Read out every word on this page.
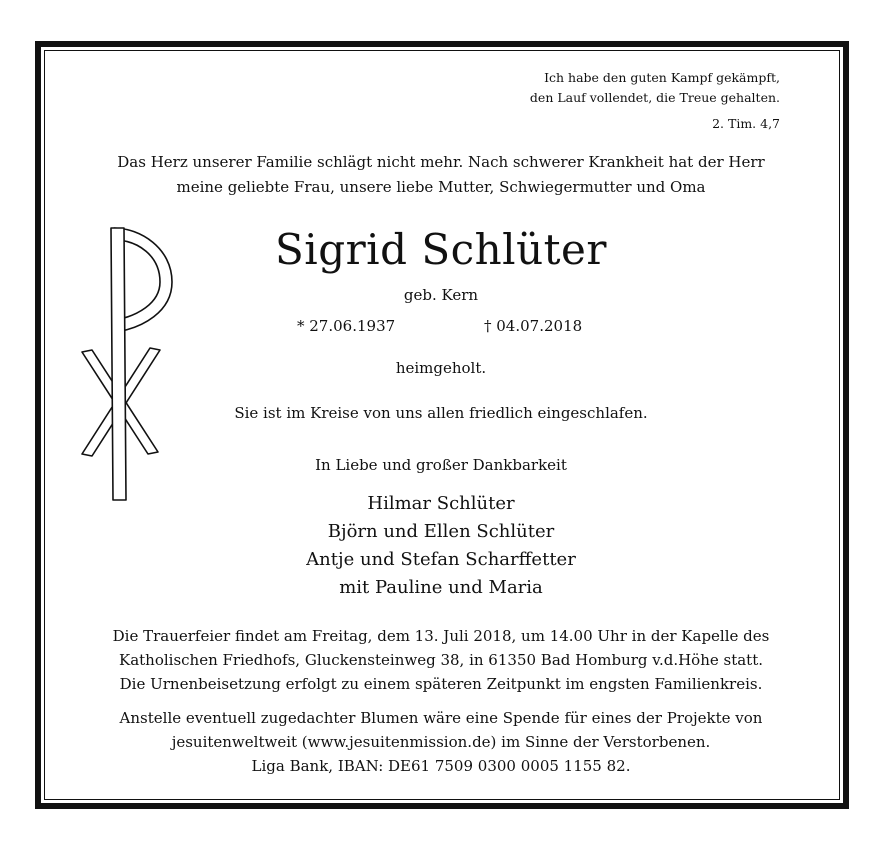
Ich habe den guten Kampf gekämpft,
den Lauf vollendet, die Treue gehalten.
2. Tim. 4,7
Das Herz unserer Familie schlägt nicht mehr. Nach schwerer Krankheit hat der Herr
meine geliebte Frau, unsere liebe Mutter, Schwiegermutter und Oma
Sigrid Schlüter
geb. Kern
* 27.06.1937	† 04.07.2018
heimgeholt.
Sie ist im Kreise von uns allen friedlich eingeschlafen.
In Liebe und großer Dankbarkeit
Hilmar Schlüter
Björn und Ellen Schlüter
Antje und Stefan Scharffetter
mit Pauline und Maria
Die Trauerfeier findet am Freitag, dem 13. Juli 2018, um 14.00 Uhr in der Kapelle des
Katholischen Friedhofs, Gluckensteinweg 38, in 61350 Bad Homburg v.d.Höhe statt.
Die Urnenbeisetzung erfolgt zu einem späteren Zeitpunkt im engsten Familienkreis.
Anstelle eventuell zugedachter Blumen wäre eine Spende für eines der Projekte von
jesuitenweltweit (www.jesuitenmission.de) im Sinne der Verstorbenen.
Liga Bank, IBAN: DE61 7509 0300 0005 1155 82.
